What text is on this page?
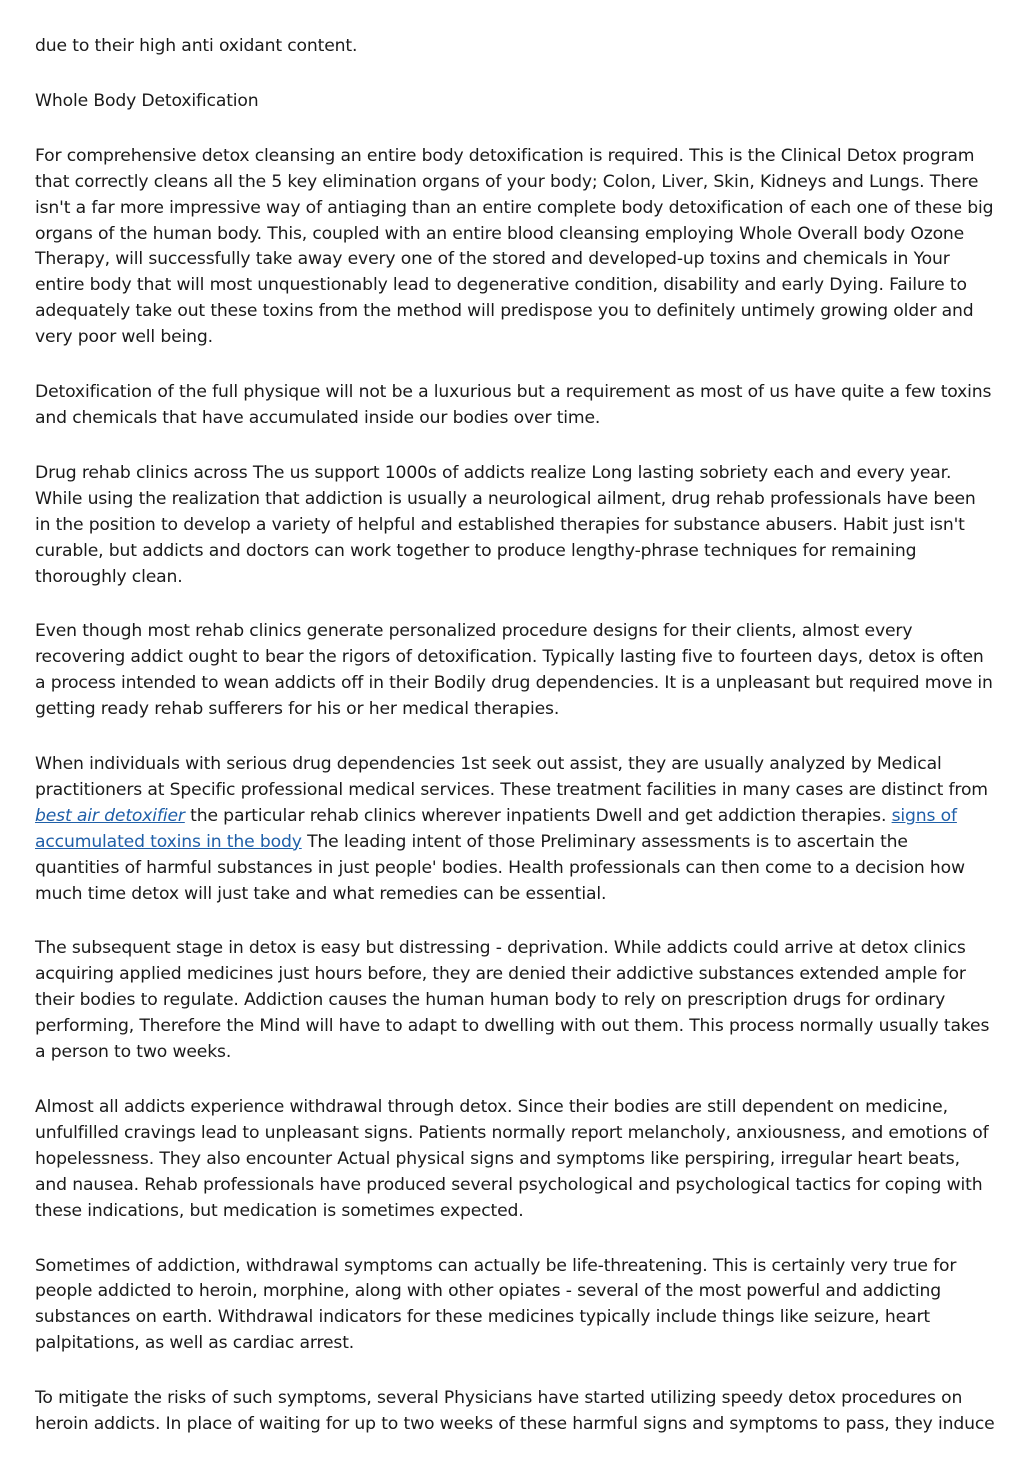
due to their high anti oxidant content.

Whole Body Detoxification

For comprehensive detox cleansing an entire body detoxification is required. This is the Clinical Detox program that correctly cleans all the 5 key elimination organs of your body; Colon, Liver, Skin, Kidneys and Lungs. There isn't a far more impressive way of antiaging than an entire complete body detoxification of each one of these big organs of the human body. This, coupled with an entire blood cleansing employing Whole Overall body Ozone Therapy, will successfully take away every one of the stored and developed-up toxins and chemicals in Your entire body that will most unquestionably lead to degenerative condition, disability and early Dying. Failure to adequately take out these toxins from the method will predispose you to definitely untimely growing older and very poor well being.

Detoxification of the full physique will not be a luxurious but a requirement as most of us have quite a few toxins and chemicals that have accumulated inside our bodies over time.

Drug rehab clinics across The us support 1000s of addicts realize Long lasting sobriety each and every year. While using the realization that addiction is usually a neurological ailment, drug rehab professionals have been in the position to develop a variety of helpful and established therapies for substance abusers. Habit just isn't curable, but addicts and doctors can work together to produce lengthy-phrase techniques for remaining thoroughly clean.

Even though most rehab clinics generate personalized procedure designs for their clients, almost every recovering addict ought to bear the rigors of detoxification. Typically lasting five to fourteen days, detox is often a process intended to wean addicts off in their Bodily drug dependencies. It is a unpleasant but required move in getting ready rehab sufferers for his or her medical therapies.

When individuals with serious drug dependencies 1st seek out assist, they are usually analyzed by Medical practitioners at Specific professional medical services. These treatment facilities in many cases are distinct from best air detoxifier the particular rehab clinics wherever inpatients Dwell and get addiction therapies. signs of accumulated toxins in the body The leading intent of those Preliminary assessments is to ascertain the quantities of harmful substances in just people' bodies. Health professionals can then come to a decision how much time detox will just take and what remedies can be essential.

The subsequent stage in detox is easy but distressing - deprivation. While addicts could arrive at detox clinics acquiring applied medicines just hours before, they are denied their addictive substances extended ample for their bodies to regulate. Addiction causes the human human body to rely on prescription drugs for ordinary performing, Therefore the Mind will have to adapt to dwelling with out them. This process normally usually takes a person to two weeks.

Almost all addicts experience withdrawal through detox. Since their bodies are still dependent on medicine, unfulfilled cravings lead to unpleasant signs. Patients normally report melancholy, anxiousness, and emotions of hopelessness. They also encounter Actual physical signs and symptoms like perspiring, irregular heart beats, and nausea. Rehab professionals have produced several psychological and psychological tactics for coping with these indications, but medication is sometimes expected.

Sometimes of addiction, withdrawal symptoms can actually be life-threatening. This is certainly very true for people addicted to heroin, morphine, along with other opiates - several of the most powerful and addicting substances on earth. Withdrawal indicators for these medicines typically include things like seizure, heart palpitations, as well as cardiac arrest.

To mitigate the risks of such symptoms, several Physicians have started utilizing speedy detox procedures on heroin addicts. In place of waiting for up to two weeks of these harmful signs and symptoms to pass, they induce
